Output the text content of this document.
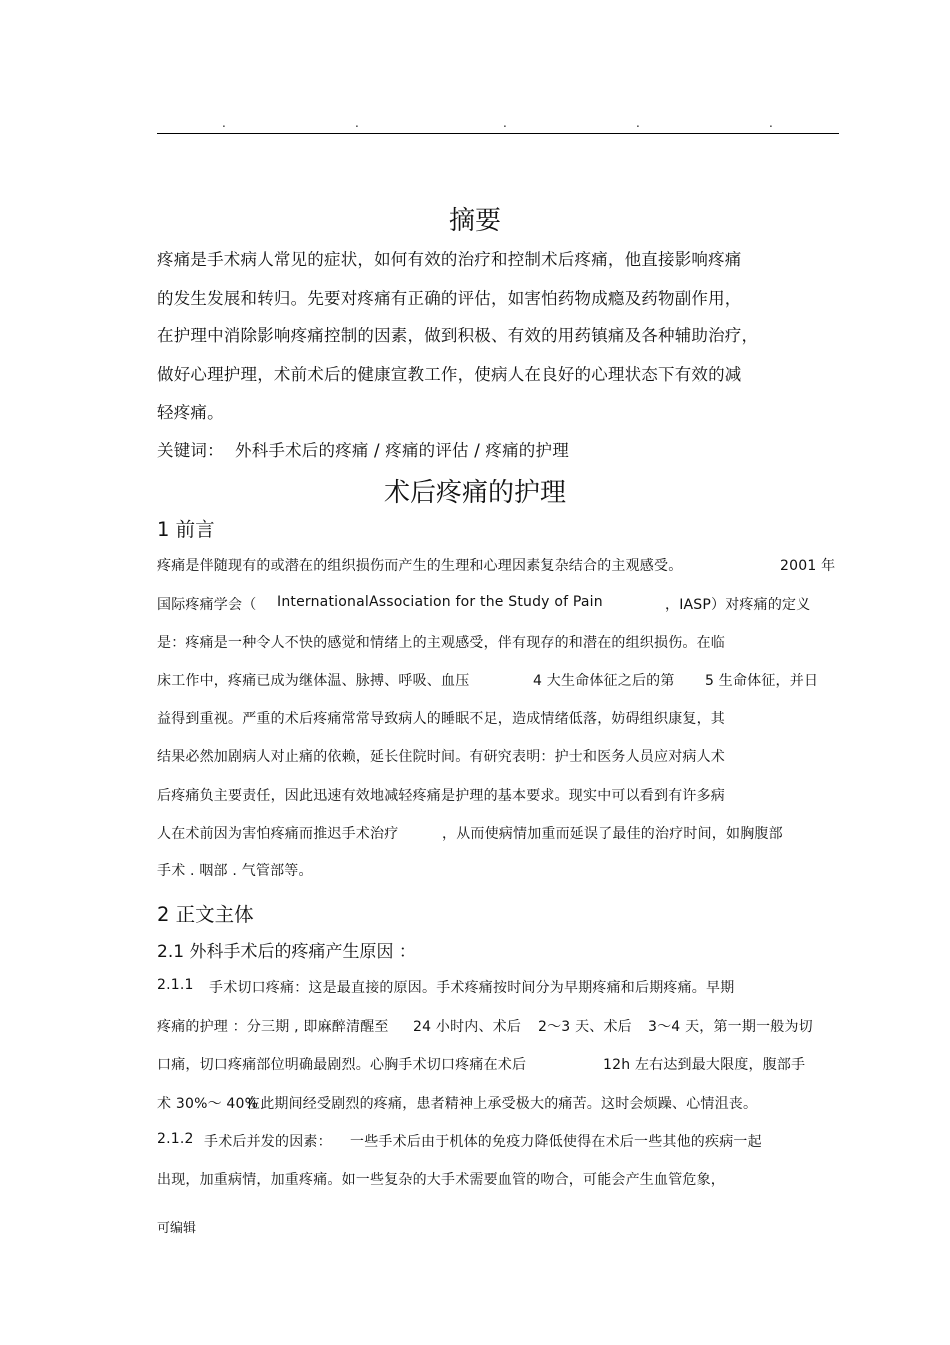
.	.	.	.	.
摘要
疼痛是手术病人常见的症状，如何有效的治疗和控制术后疼痛，他直接影响疼痛
的发生发展和转归。先要对疼痛有正确的评估，如害怕药物成瘾及药物副作用，
在护理中消除影响疼痛控制的因素，做到积极、有效的用药镇痛及各种辅助治疗，
做好心理护理，术前术后的健康宣教工作，使病人在良好的心理状态下有效的减
轻疼痛。
关键词： 外科手术后的疼痛 / 疼痛的评估 / 疼痛的护理
术后疼痛的护理
1 前言
疼痛是伴随现有的或潜在的组织损伤而产生的生理和心理因素复杂结合的主观感受。	2001 年
国际疼痛学会（ InternationalAssociation for the Study of Pain	，IASP）对疼痛的定义
是：疼痛是一种令人不快的感觉和情绪上的主观感受，伴有现存的和潜在的组织损伤。在临
床工作中，疼痛已成为继体温、脉搏、呼吸、血压	4 大生命体征之后的第 5 生命体征，并日
益得到重视。严重的术后疼痛常常导致病人的睡眠不足，造成情绪低落，妨碍组织康复，其
结果必然加剧病人对止痛的依赖，延长住院时间。有研究表明：护士和医务人员应对病人术
后疼痛负主要责任，因此迅速有效地减轻疼痛是护理的基本要求。现实中可以看到有许多病
人在术前因为害怕疼痛而推迟手术治疗	，从而使病情加重而延误了最佳的治疗时间，如胸腹部
手术 . 咽部 . 气管部等。
2 正文主体
2.1 外科手术后的疼痛产生原因 ：
2.1.1 手术切口疼痛：这是最直接的原因。手术疼痛按时间分为早期疼痛和后期疼痛。早期
疼痛的护理 ：分三期 , 即麻醉清醒至 24 小时内、术后 2～3 天、术后 3～4 天，第一期一般为切
口痛，切口疼痛部位明确最剧烈。心胸手术切口疼痛在术后	12h 左右达到最大限度，腹部手
术 30%～ 40%
在此期间经受剧烈的疼痛，患者精神上承受极大的痛苦。这时会烦躁、心情沮丧。
2.1.2 手术后并发的因素： 一些手术后由于机体的免疫力降低使得在术后一些其他的疾病一起
出现，加重病情，加重疼痛。如一些复杂的大手术需要血管的吻合，可能会产生血管危象，
可编辑
